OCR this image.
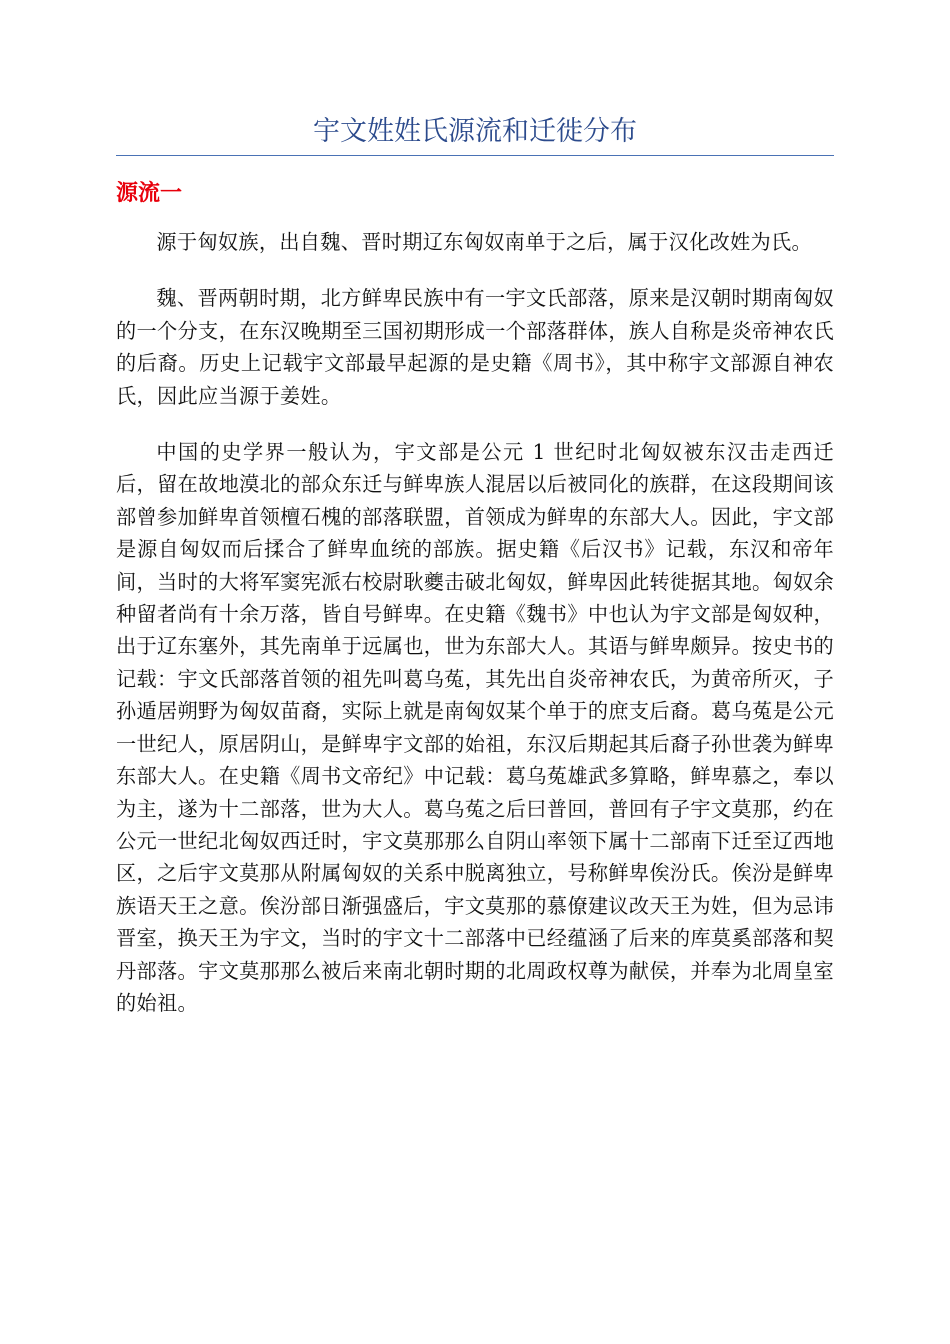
宇文姓姓氏源流和迁徙分布
源流一

源于匈奴族，出自魏、晋时期辽东匈奴南单于之后，属于汉化改姓为氏。

魏、晋两朝时期，北方鲜卑民族中有一宇文氏部落，原来是汉朝时期南匈奴的一个分支，在东汉晚期至三国初期形成一个部落群体，族人自称是炎帝神农氏的后裔。历史上记载宇文部最早起源的是史籍《周书》，其中称宇文部源自神农氏，因此应当源于姜姓。

中国的史学界一般认为，宇文部是公元 1 世纪时北匈奴被东汉击走西迁后，留在故地漠北的部众东迁与鲜卑族人混居以后被同化的族群，在这段期间该部曾参加鲜卑首领檀石槐的部落联盟，首领成为鲜卑的东部大人。因此，宇文部是源自匈奴而后揉合了鲜卑血统的部族。据史籍《后汉书》记载，东汉和帝年间，当时的大将军窦宪派右校尉耿夔击破北匈奴，鲜卑因此转徙据其地。匈奴余种留者尚有十余万落，皆自号鲜卑。在史籍《魏书》中也认为宇文部是匈奴种，出于辽东塞外，其先南单于远属也，世为东部大人。其语与鲜卑颇异。按史书的记载：宇文氏部落首领的祖先叫葛乌菟，其先出自炎帝神农氏，为黄帝所灭，子孙遁居朔野为匈奴苗裔，实际上就是南匈奴某个单于的庶支后裔。葛乌菟是公元一世纪人，原居阴山，是鲜卑宇文部的始祖，东汉后期起其后裔子孙世袭为鲜卑东部大人。在史籍《周书文帝纪》中记载：葛乌菟雄武多算略，鲜卑慕之，奉以为主，遂为十二部落，世为大人。葛乌菟之后曰普回，普回有子宇文莫那，约在公元一世纪北匈奴西迁时，宇文莫那那么自阴山率领下属十二部南下迁至辽西地区，之后宇文莫那从附属匈奴的关系中脱离独立，号称鲜卑俟汾氏。俟汾是鲜卑族语天王之意。俟汾部日渐强盛后，宇文莫那的慕僚建议改天王为姓，但为忌讳晋室，换天王为宇文，当时的宇文十二部落中已经蕴涵了后来的库莫奚部落和契丹部落。宇文莫那那么被后来南北朝时期的北周政权尊为献侯，并奉为北周皇室的始祖。
